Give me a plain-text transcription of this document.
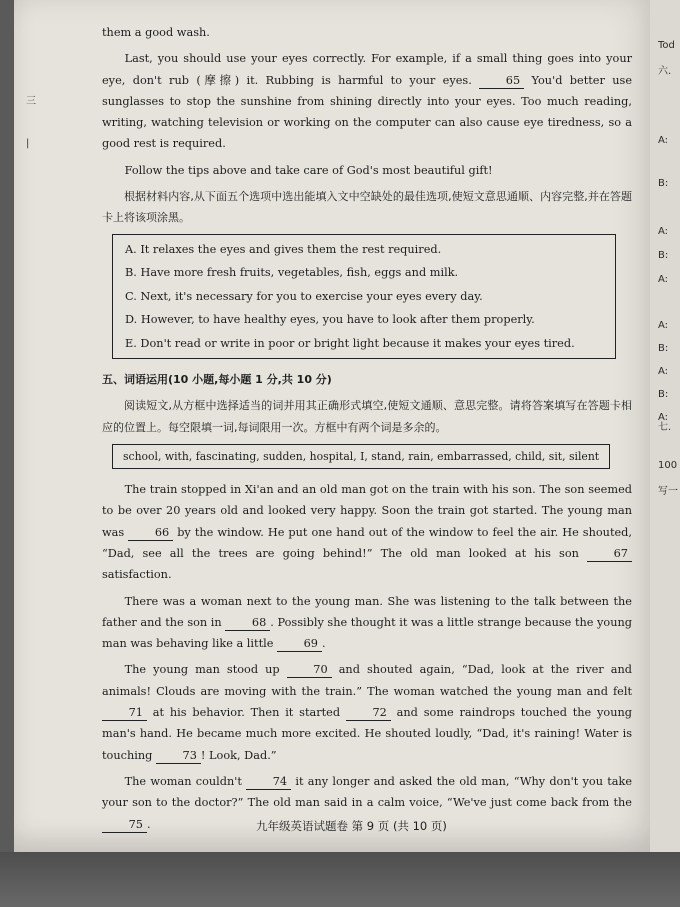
三
|

them a good wash.

Last, you should use your eyes correctly. For example, if a small thing goes into your eye, don't rub (摩擦) it. Rubbing is harmful to your eyes.	65 You'd better use sunglasses to stop the sunshine from shining directly into your eyes. Too much reading, writing, watching television or working on the computer can also cause eye tiredness, so a good rest is required.

Follow the tips above and take care of God's most beautiful gift!

根据材料内容,从下面五个选项中选出能填入文中空缺处的最佳选项,使短文意思通顺、内容完整,并在答题卡上将该项涂黑。

A. It relaxes the eyes and gives them the rest required.
B. Have more fresh fruits, vegetables, fish, eggs and milk.
C. Next, it's necessary for you to exercise your eyes every day.
D. However, to have healthy eyes, you have to look after them properly.
E. Don't read or write in poor or bright light because it makes your eyes tired.

五、词语运用(10 小题,每小题 1 分,共 10 分)

阅读短文,从方框中选择适当的词并用其正确形式填空,使短文通顺、意思完整。请将答案填写在答题卡相应的位置上。每空限填一词,每词限用一次。方框中有两个词是多余的。

school, with, fascinating, sudden, hospital, I, stand, rain, embarrassed, child, sit, silent

The train stopped in Xi'an and an old man got on the train with his son. The son seemed to be over 20 years old and looked very happy. Soon the train got started. The young man was	66 by the window. He put one hand out of the window to feel the air. He shouted, “Dad, see all the trees are going behind!” The old man looked at his son	67 satisfaction.

There was a woman next to the young man. She was listening to the talk between the father and the son in	68 . Possibly she thought it was a little strange because the young man was behaving like a little	69 .

The young man stood up	70 and shouted again, “Dad, look at the river and animals! Clouds are moving with the train.” The woman watched the young man and felt 71 at his behavior. Then it started	72 and some raindrops touched the young man's hand. He became much more excited. He shouted loudly, “Dad, it's raining! Water is touching	73 ! Look, Dad.”

The woman couldn't	74 it any longer and asked the old man, “Why don't you take your son to the doctor?” The old man said in a calm voice, “We've just come back from the 75 .	九年级英语试题卷 第 9 页 (共 10 页)
Tod
六.
A:
B:
A:
B:
A:
A:
B:
A:
B:
A:
七.
100
写一
